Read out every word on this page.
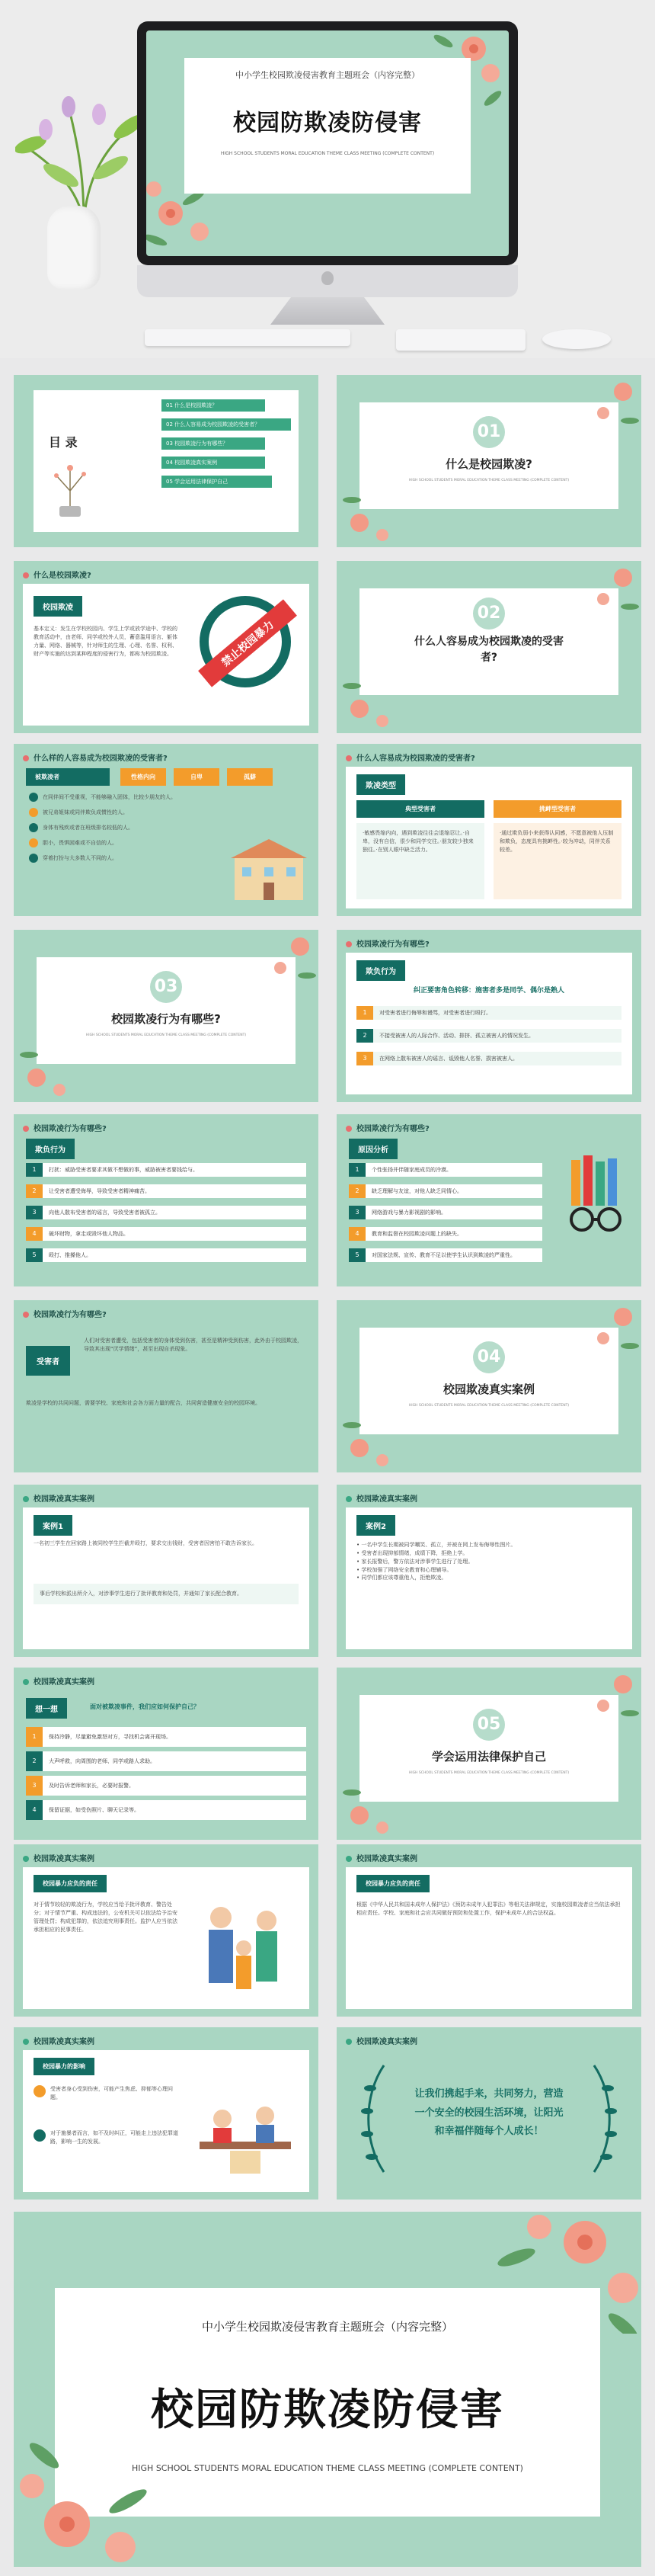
中小学生校园欺凌侵害教育主题班会（内容完整）
校园防欺凌防侵害
HIGH SCHOOL STUDENTS MORAL EDUCATION THEME CLASS MEETING (COMPLETE CONTENT)
目 录
01 什么是校园欺凌？
02 什么人容易成为校园欺凌的受害者？
03 校园欺凌行为有哪些？
04 校园欺凌真实案例
05 学会运用法律保护自己
01
什么是校园欺凌?
HIGH SCHOOL STUDENTS MORAL EDUCATION THEME CLASS MEETING (COMPLETE CONTENT)
什么是校园欺凌?
校园欺凌
基本定义：发生在学校校园内、学生上学或放学途中、学校的教育活动中，由老师、同学或校外人员，蓄意滥用语言、躯体力量、网络、器械等，针对师生的生理、心理、名誉、权利、财产等实施的达到某种程度的侵害行为，都称为校园欺凌。	禁止校园暴力
02
什么人容易成为校园欺凌的受害者?
什么样的人容易成为校园欺凌的受害者?
被欺凌者	性格内向	自卑	孤僻
在同伴间不受重视，不能够融入团体，比较少朋友的人。
被兄弟姐妹或同伴欺负成惯性的人。
身体有残疾或者在班级排名较低的人。
胆小，畏惧困难或不自信的人。
穿着打扮与大多数人不同的人。
什么人容易成为校园欺凌的受害者?
欺凌类型
典型受害者	挑衅型受害者
·敏感畏缩内向，遇到欺凌往往会退缩忍让。·自卑，没有自信，很少和同学交往。·朋友较少独来独往。·在别人眼中缺乏活力。
·通过欺负弱小来获得认同感，不愿意被他人压制和欺负，态度具有挑衅性。·较为冲动，同伴关系较差。
03
校园欺凌行为有哪些?
HIGH SCHOOL STUDENTS MORAL EDUCATION THEME CLASS MEETING (COMPLETE CONTENT)
校园欺凌行为有哪些?
欺负行为
纠正要害角色转移：施害者多是同学、偶尔是熟人
1	对受害者进行侮辱和谩骂，对受害者进行殴打。
2	不接受被害人的人际合作、活动、排挤、孤立被害人的情况发生。
3	在网络上散布被害人的谣言、诋毁他人名誉、损害被害人。
校园欺凌行为有哪些?
欺负行为
1	打扰：威胁受害者要求其做不想做的事，威胁被害者要钱给与。
2	让受害者遭受侮辱，导致受害者精神痛苦。
3	向他人散布受害者的谣言，导致受害者被孤立。
4	破坏财物，拿走或毁坏他人物品。
5	殴打、推搡他人。
校园欺凌行为有哪些?
原因分析
1	个性张扬并伴随家庭成员的冷漠。
2	缺乏理解与友谊，对他人缺乏同情心。
3	网络游戏与暴力影视剧的影响。
4	教育和监督在校园欺凌问题上的缺失。
5	对国家法规、宣传、教育不足以使学生认识到欺凌的严重性。
校园欺凌行为有哪些?
受害者
人们对受害者遭受，包括受害者的身体受到伤害，甚至是精神受到伤害，此外由于校园欺凌，导致其出现“厌学情绪”，甚至出现自杀现象。
欺凌是学校的共同问题，需要学校、家庭和社会各方面力量的配合，共同营造健康安全的校园环境。
04
校园欺凌真实案例
HIGH SCHOOL STUDENTS MORAL EDUCATION THEME CLASS MEETING (COMPLETE CONTENT)
校园欺凌真实案例
案例1
一名初三学生在回家路上被同校学生拦截并殴打，要求交出钱财，受害者因害怕不敢告诉家长。
事后学校和派出所介入，对涉事学生进行了批评教育和处罚，并通知了家长配合教育。
校园欺凌真实案例
案例2
• 一名中学生长期被同学嘲笑、孤立，并被在网上发布侮辱性图片。
• 受害者出现抑郁情绪，成绩下降，拒绝上学。
• 家长报警后，警方依法对涉事学生进行了处理。
• 学校加强了网络安全教育和心理辅导。
• 同学们都应该尊重他人，拒绝欺凌。
校园欺凌真实案例
想一想	面对被欺凌事件，我们应如何保护自己？
1	保持冷静，尽量避免激怒对方，寻找机会离开现场。
2	大声呼救，向周围的老师、同学或路人求助。
3	及时告诉老师和家长，必要时报警。
4	保留证据，如受伤照片、聊天记录等。
05
学会运用法律保护自己
HIGH SCHOOL STUDENTS MORAL EDUCATION THEME CLASS MEETING (COMPLETE CONTENT)
校园欺凌真实案例
校园暴力应负的责任
对于情节较轻的欺凌行为，学校应当给予批评教育、警告处分；对于情节严重、构成违法的，公安机关可以依法给予治安管理处罚；构成犯罪的，依法追究刑事责任。监护人应当依法承担相应的民事责任。
校园欺凌真实案例
校园暴力应负的责任
根据《中华人民共和国未成年人保护法》《预防未成年人犯罪法》等相关法律规定，实施校园欺凌者应当依法承担相应责任。学校、家庭和社会应共同做好预防和处置工作，保护未成年人的合法权益。
校园欺凌真实案例
校园暴力的影响
受害者身心受到伤害，可能产生焦虑、抑郁等心理问题。
对于施暴者而言，如不及时纠正，可能走上违法犯罪道路，影响一生的发展。
校园欺凌真实案例
让我们携起手来，共同努力，营造
一个安全的校园生活环境，让阳光
和幸福伴随每个人成长！
中小学生校园欺凌侵害教育主题班会（内容完整）
校园防欺凌防侵害
HIGH SCHOOL STUDENTS MORAL EDUCATION THEME CLASS MEETING (COMPLETE CONTENT)
